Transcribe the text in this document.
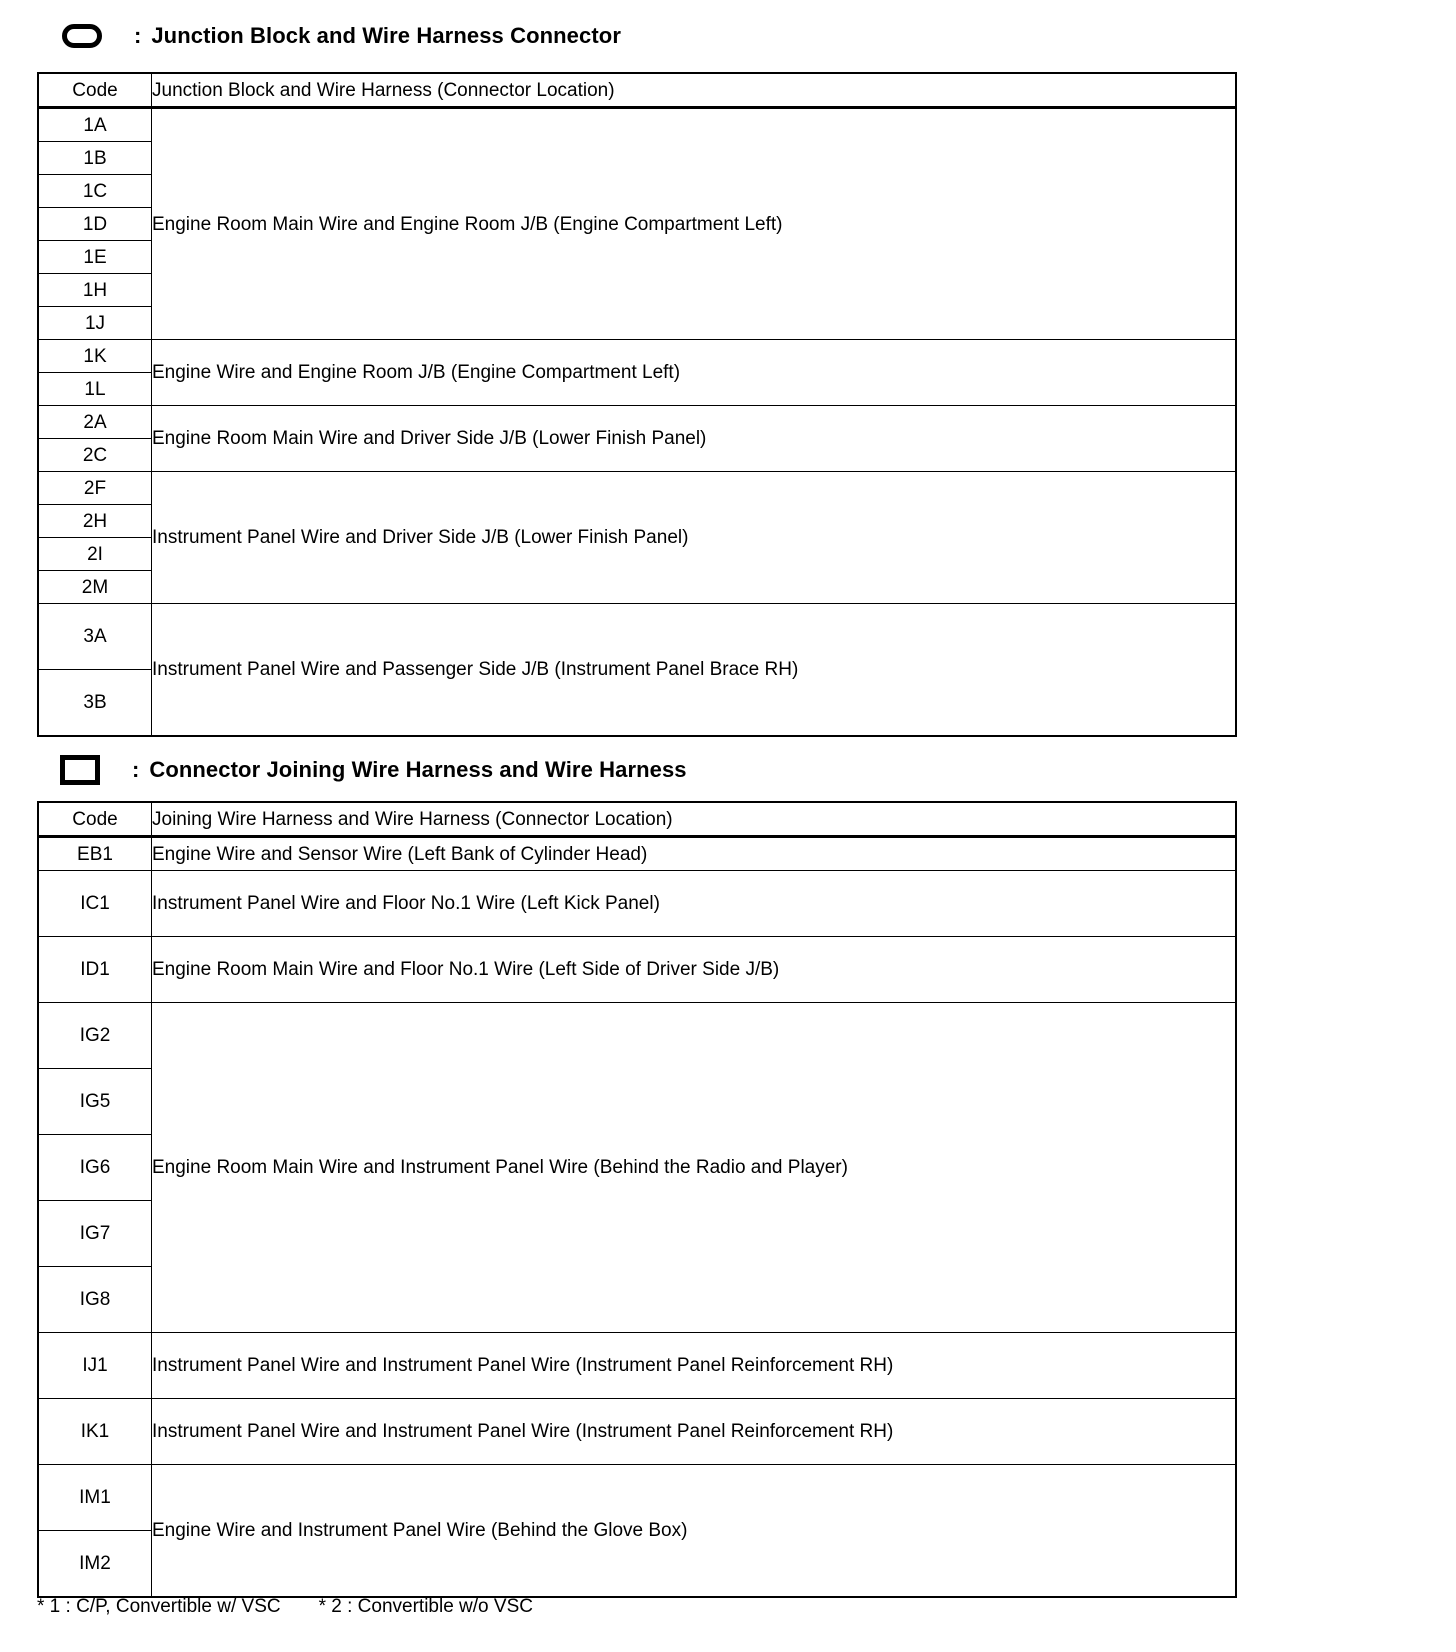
: Junction Block and Wire Harness Connector
Code	Junction Block and Wire Harness (Connector Location)
1A	Engine Room Main Wire and Engine Room J/B (Engine Compartment Left)
1B	
1C	
1D	
1E	
1H	
1J	
1K	Engine Wire and Engine Room J/B (Engine Compartment Left)
1L	
2A	Engine Room Main Wire and Driver Side J/B (Lower Finish Panel)
2C	
2F	Instrument Panel Wire and Driver Side J/B (Lower Finish Panel)
2H	
2I	
2M	
3A	Instrument Panel Wire and Passenger Side J/B (Instrument Panel Brace RH)
3B	
: Connector Joining Wire Harness and Wire Harness
Code	Joining Wire Harness and Wire Harness (Connector Location)
EB1	Engine Wire and Sensor Wire (Left Bank of Cylinder Head)
IC1	Instrument Panel Wire and Floor No.1 Wire (Left Kick Panel)
ID1	Engine Room Main Wire and Floor No.1 Wire (Left Side of Driver Side J/B)
IG2	Engine Room Main Wire and Instrument Panel Wire (Behind the Radio and Player)
IG5	
IG6	
IG7	
IG8	
IJ1	Instrument Panel Wire and Instrument Panel Wire (Instrument Panel Reinforcement RH)
IK1	Instrument Panel Wire and Instrument Panel Wire (Instrument Panel Reinforcement RH)
IM1	Engine Wire and Instrument Panel Wire (Behind the Glove Box)
IM2	
* 1 : C/P, Convertible w/ VSC * 2 : Convertible w/o VSC
